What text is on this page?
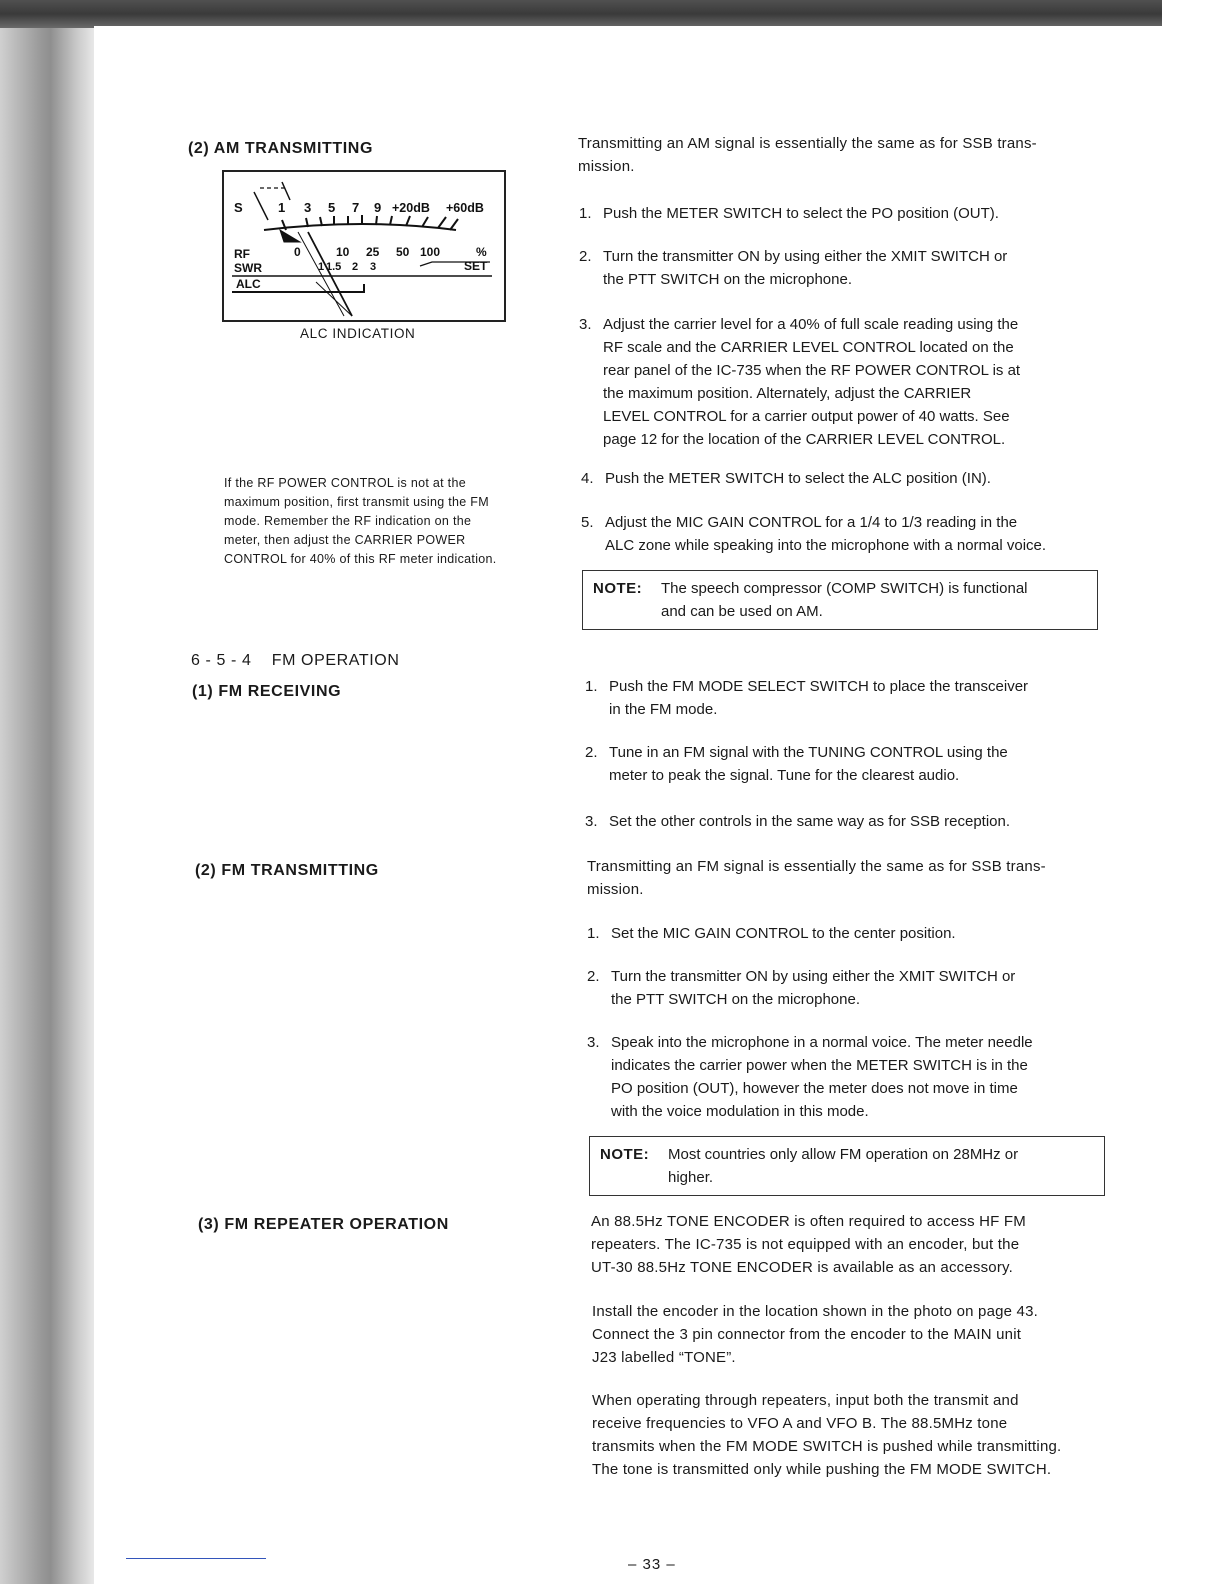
(2) AM TRANSMITTING
S	1 3 5 7 9 +20dB +60dB
RF
SWR
ALC
0	10 25 50 100	%
1 1.5 2 3	SET
ALC INDICATION
If the RF POWER CONTROL is not at the
maximum position, first transmit using the FM
mode. Remember the RF indication on the
meter, then adjust the CARRIER POWER
CONTROL for 40% of this RF meter indication.
6 - 5 - 4    FM OPERATION
(1) FM RECEIVING
(2) FM TRANSMITTING
(3) FM REPEATER OPERATION
Transmitting an AM signal is essentially the same as for SSB trans-
mission.
1. Push the METER SWITCH to select the PO position (OUT).
2. Turn the transmitter ON by using either the XMIT SWITCH or
the PTT SWITCH on the microphone.
3. Adjust the carrier level for a 40% of full scale reading using the
RF scale and the CARRIER LEVEL CONTROL located on the
rear panel of the IC-735 when the RF POWER CONTROL is at
the maximum position. Alternately, adjust the CARRIER
LEVEL CONTROL for a carrier output power of 40 watts. See
page 12 for the location of the CARRIER LEVEL CONTROL.
4. Push the METER SWITCH to select the ALC position (IN).
5. Adjust the MIC GAIN CONTROL for a 1/4 to 1/3 reading in the
ALC zone while speaking into the microphone with a normal voice.
NOTE: The speech compressor (COMP SWITCH) is functional
and can be used on AM.
1. Push the FM MODE SELECT SWITCH to place the transceiver
in the FM mode.
2. Tune in an FM signal with the TUNING CONTROL using the
meter to peak the signal. Tune for the clearest audio.
3. Set the other controls in the same way as for SSB reception.
Transmitting an FM signal is essentially the same as for SSB trans-
mission.
1. Set the MIC GAIN CONTROL to the center position.
2. Turn the transmitter ON by using either the XMIT SWITCH or
the PTT SWITCH on the microphone.
3. Speak into the microphone in a normal voice. The meter needle
indicates the carrier power when the METER SWITCH is in the
PO position (OUT), however the meter does not move in time
with the voice modulation in this mode.
NOTE: Most countries only allow FM operation on 28MHz or
higher.
An 88.5Hz TONE ENCODER is often required to access HF FM
repeaters. The IC-735 is not equipped with an encoder, but the
UT-30 88.5Hz TONE ENCODER is available as an accessory.
Install the encoder in the location shown in the photo on page 43.
Connect the 3 pin connector from the encoder to the MAIN unit
J23 labelled “TONE”.
When operating through repeaters, input both the transmit and
receive frequencies to VFO A and VFO B. The 88.5MHz tone
transmits when the FM MODE SWITCH is pushed while transmitting.
The tone is transmitted only while pushing the FM MODE SWITCH.
– 33 –
